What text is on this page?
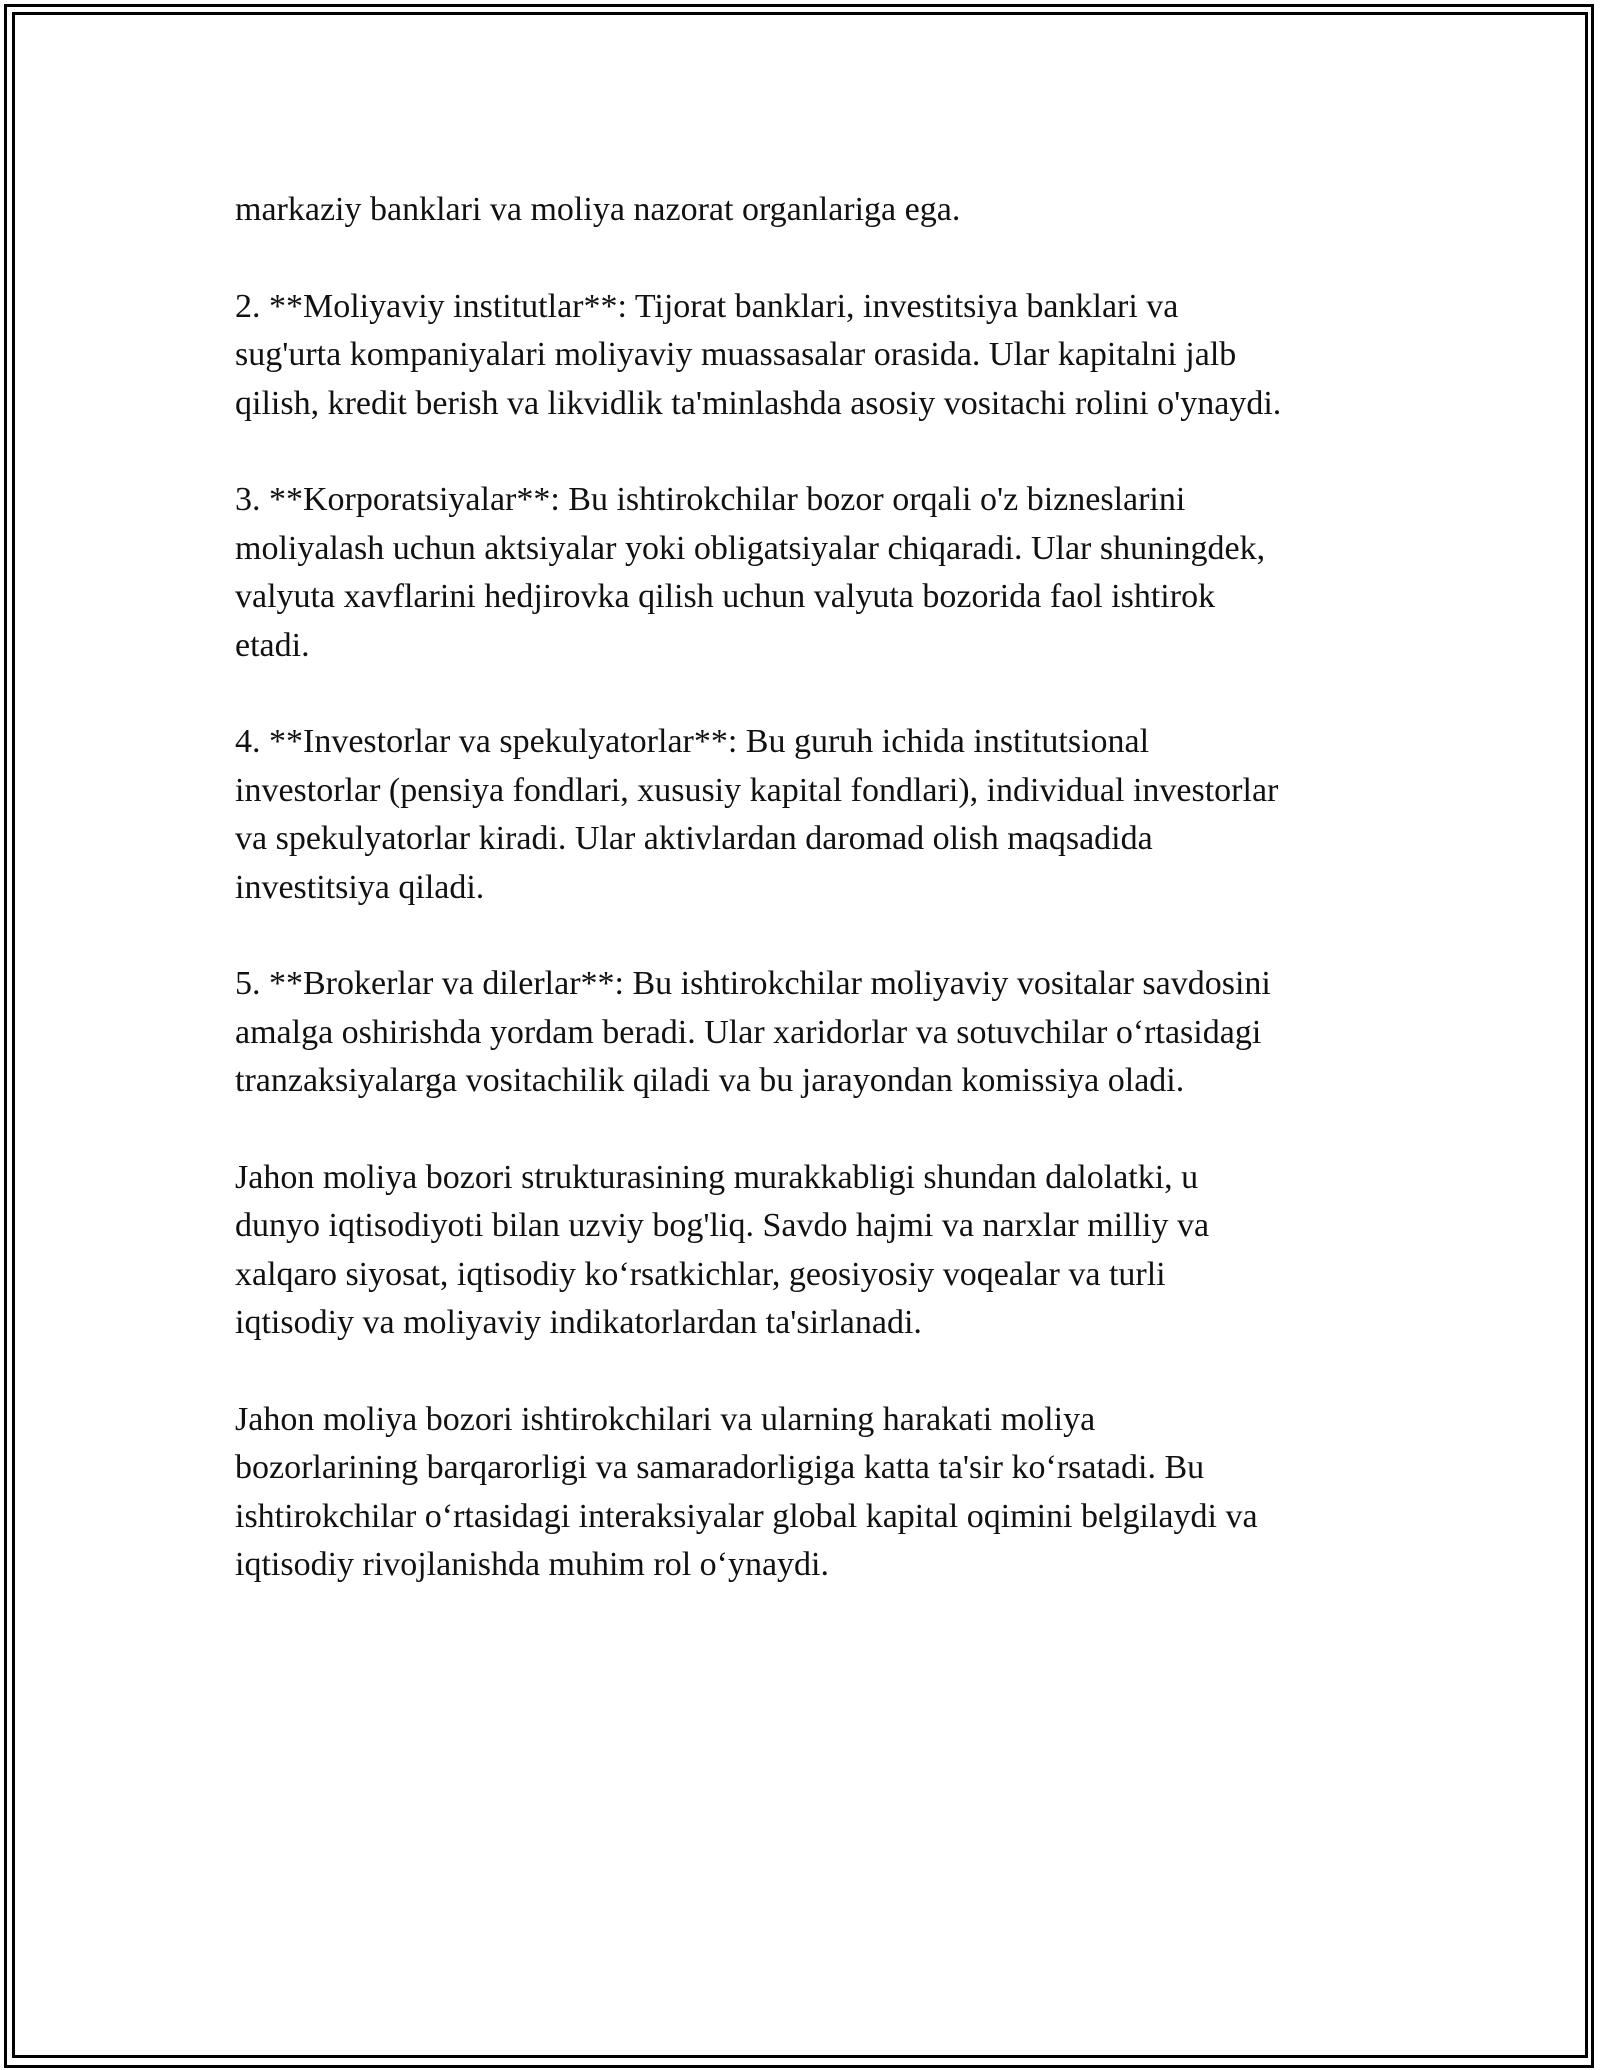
markaziy banklari va moliya nazorat organlariga ega.

2. **Moliyaviy institutlar**: Tijorat banklari, investitsiya banklari va
sug'urta kompaniyalari moliyaviy muassasalar orasida. Ular kapitalni jalb
qilish, kredit berish va likvidlik ta'minlashda asosiy vositachi rolini o'ynaydi.

3. **Korporatsiyalar**: Bu ishtirokchilar bozor orqali o'z bizneslarini
moliyalash uchun aktsiyalar yoki obligatsiyalar chiqaradi. Ular shuningdek,
valyuta xavflarini hedjirovka qilish uchun valyuta bozorida faol ishtirok
etadi.

4. **Investorlar va spekulyatorlar**: Bu guruh ichida institutsional
investorlar (pensiya fondlari, xususiy kapital fondlari), individual investorlar
va spekulyatorlar kiradi. Ular aktivlardan daromad olish maqsadida
investitsiya qiladi.

5. **Brokerlar va dilerlar**: Bu ishtirokchilar moliyaviy vositalar savdosini
amalga oshirishda yordam beradi. Ular xaridorlar va sotuvchilar o‘rtasidagi
tranzaksiyalarga vositachilik qiladi va bu jarayondan komissiya oladi.

Jahon moliya bozori strukturasining murakkabligi shundan dalolatki, u
dunyo iqtisodiyoti bilan uzviy bog'liq. Savdo hajmi va narxlar milliy va
xalqaro siyosat, iqtisodiy ko‘rsatkichlar, geosiyosiy voqealar va turli
iqtisodiy va moliyaviy indikatorlardan ta'sirlanadi.

Jahon moliya bozori ishtirokchilari va ularning harakati moliya
bozorlarining barqarorligi va samaradorligiga katta ta'sir ko‘rsatadi. Bu
ishtirokchilar o‘rtasidagi interaksiyalar global kapital oqimini belgilaydi va
iqtisodiy rivojlanishda muhim rol o‘ynaydi.
